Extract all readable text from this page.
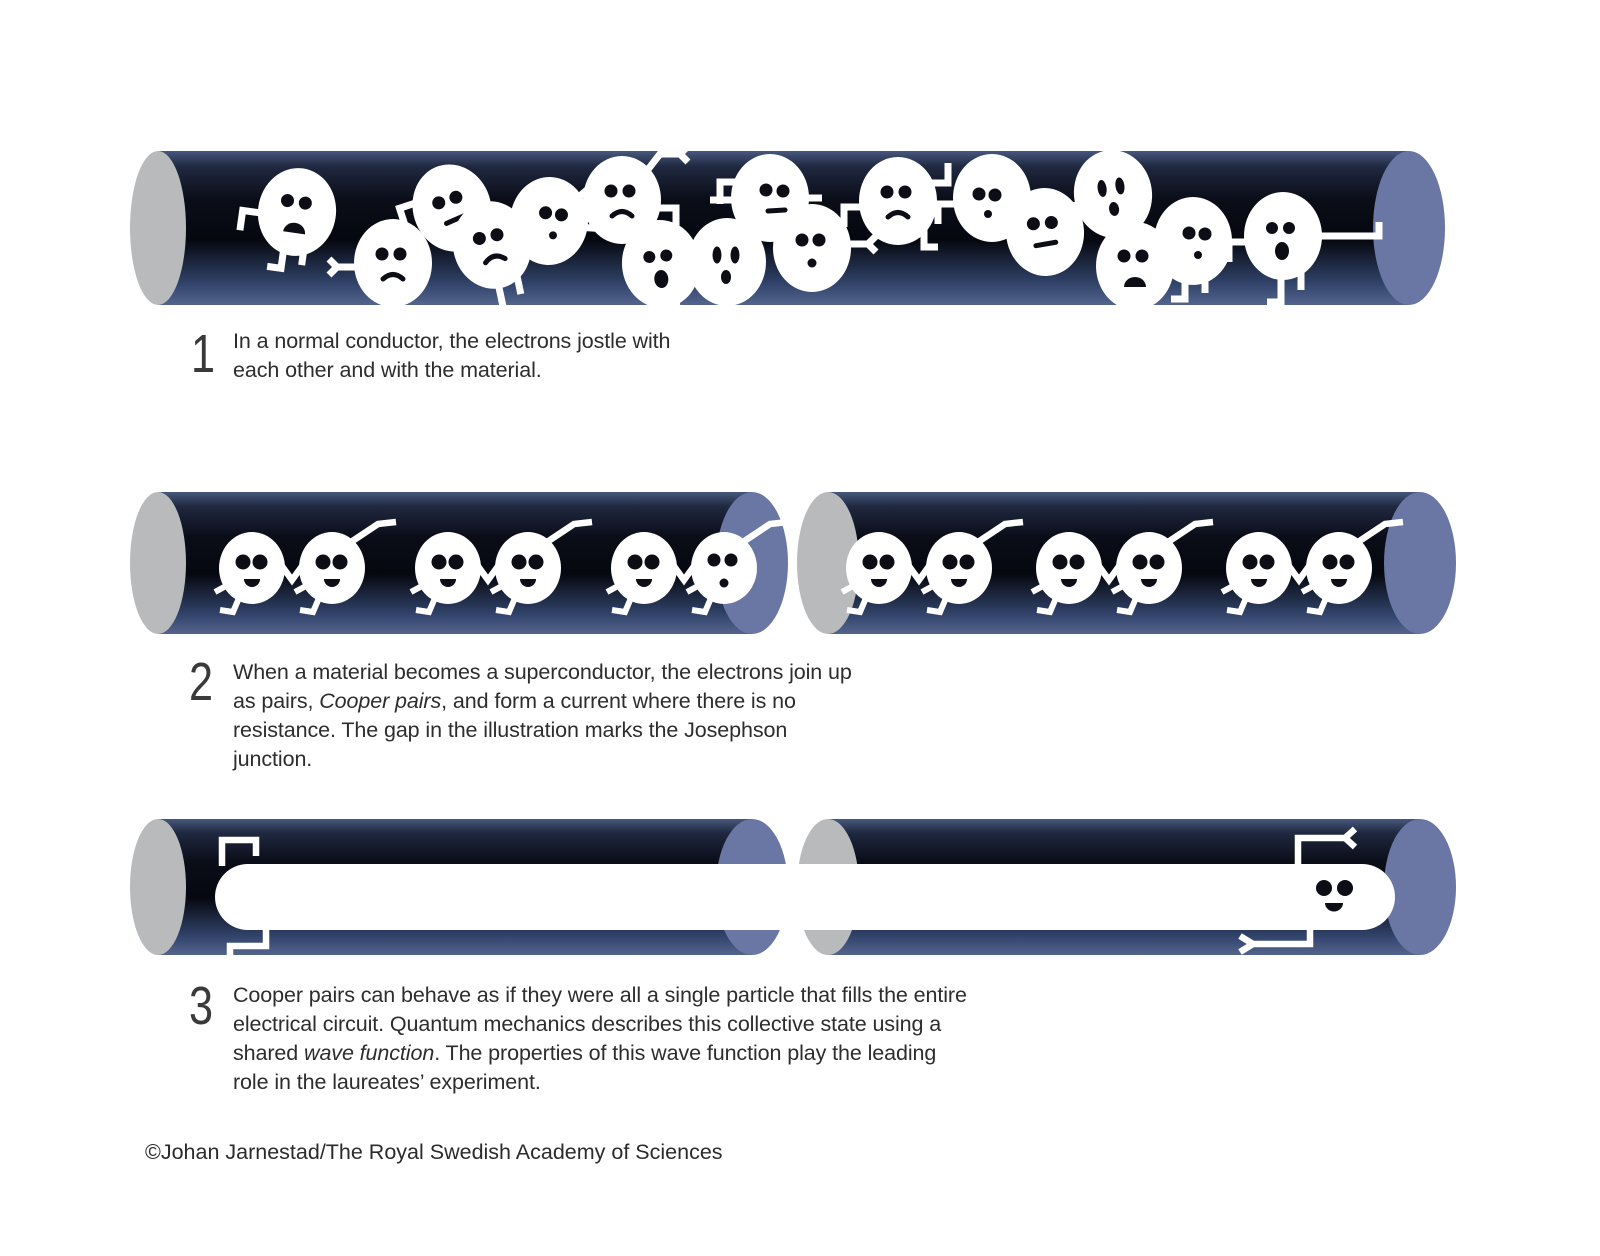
1 In a normal conductor, the electrons jostle with each other and with the material.

2 When a material becomes a superconductor, the electrons join up as pairs, Cooper pairs, and form a current where there is no resistance. The gap in the illustration marks the Josephson junction.

3 Cooper pairs can behave as if they were all a single particle that fills the entire electrical circuit. Quantum mechanics describes this collective state using a shared wave function. The properties of this wave function play the leading role in the laureates’ experiment.

©Johan Jarnestad/The Royal Swedish Academy of Sciences
